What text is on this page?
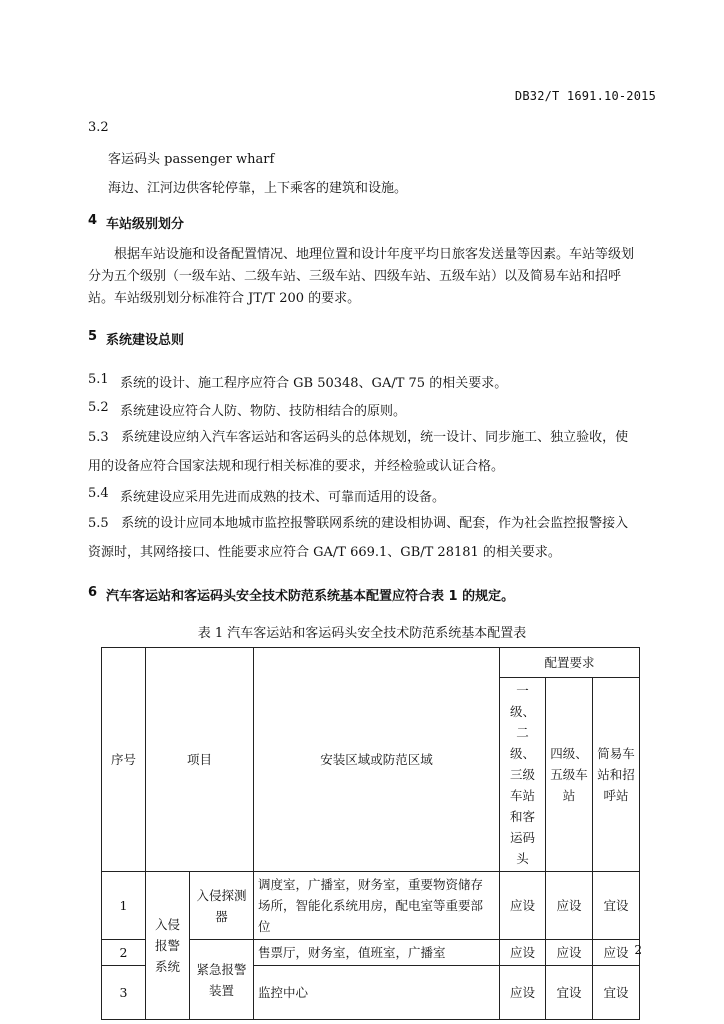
DB32/T 1691.10-2015
3.2
客运码头 passenger wharf
海边、江河边供客轮停靠，上下乘客的建筑和设施。
4 车站级别划分
根据车站设施和设备配置情况、地理位置和设计年度平均日旅客发送量等因素。车站等级划分为五个级别（一级车站、二级车站、三级车站、四级车站、五级车站）以及简易车站和招呼站。车站级别划分标准符合 JT/T 200 的要求。
5 系统建设总则
5.1 系统的设计、施工程序应符合 GB 50348、GA/T 75 的相关要求。
5.2 系统建设应符合人防、物防、技防相结合的原则。
5.3 系统建设应纳入汽车客运站和客运码头的总体规划，统一设计、同步施工、独立验收，使用的设备应符合国家法规和现行相关标准的要求，并经检验或认证合格。
5.4 系统建设应采用先进而成熟的技术、可靠而适用的设备。
5.5 系统的设计应同本地城市监控报警联网系统的建设相协调、配套，作为社会监控报警接入资源时，其网络接口、性能要求应符合 GA/T 669.1、GB/T 28181 的相关要求。
6 汽车客运站和客运码头安全技术防范系统基本配置应符合表 1 的规定。
表 1 汽车客运站和客运码头安全技术防范系统基本配置表
序号	项目		安装区域或防范区域	配置要求		
				一级、二级、三级车站和客运码头	四级、五级车站	简易车站和招呼站
1	入侵报警系统	入侵探测器	调度室，广播室，财务室，重要物资储存场所，智能化系统用房，配电室等重要部位	应设	应设	宜设
2		紧急报警装置	售票厅，财务室，值班室，广播室	应设	应设	应设
3			监控中心	应设	宜设	宜设
2
